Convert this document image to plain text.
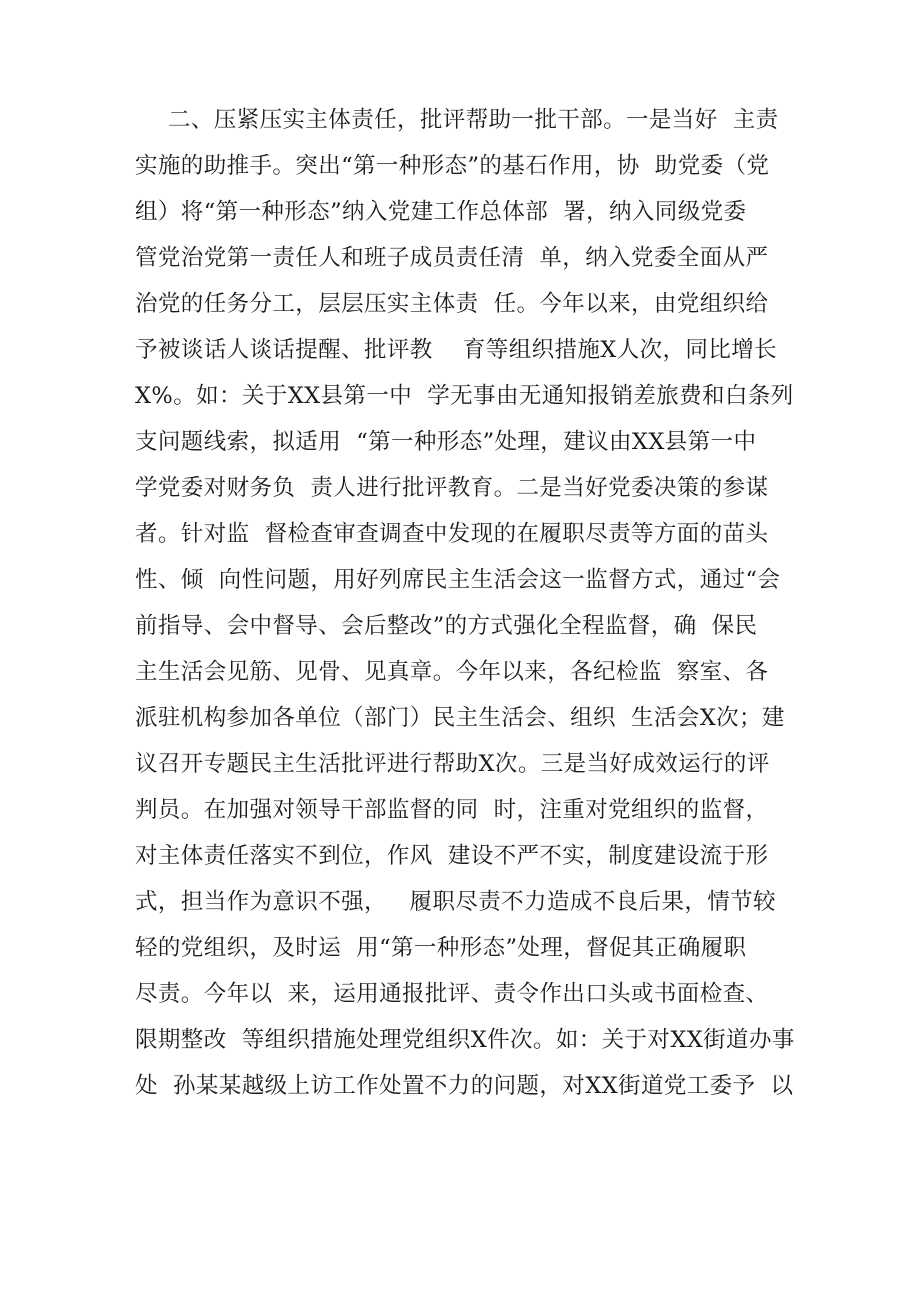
二、压紧压实主体责任，批评帮助一批干部。一是当好  主责
实施的助推手。突出“第一种形态”的基石作用，协  助党委（党
组）将“第一种形态”纳入党建工作总体部  署，纳入同级党委
管党治党第一责任人和班子成员责任清  单，纳入党委全面从严
治党的任务分工，层层压实主体责  任。今年以来，由党组织给
予被谈话人谈话提醒、批评教    育等组织措施X人次，同比增长
X%。如：关于XX县第一中  学无事由无通知报销差旅费和白条列
支问题线索，拟适用  “第一种形态”处理，建议由XX县第一中
学党委对财务负  责人进行批评教育。二是当好党委决策的参谋
者。针对监  督检查审查调查中发现的在履职尽责等方面的苗头
性、倾  向性问题，用好列席民主生活会这一监督方式，通过“会
前指导、会中督导、会后整改”的方式强化全程监督，确  保民
主生活会见筋、见骨、见真章。今年以来，各纪检监  察室、各
派驻机构参加各单位（部门）民主生活会、组织  生活会X次；建
议召开专题民主生活批评进行帮助X次。三是当好成效运行的评
判员。在加强对领导干部监督的同  时，注重对党组织的监督，
对主体责任落实不到位，作风  建设不严不实，制度建设流于形
式，担当作为意识不强，   履职尽责不力造成不良后果，情节较
轻的党组织，及时运  用“第一种形态”处理，督促其正确履职
尽责。今年以  来，运用通报批评、责令作出口头或书面检查、
限期整改  等组织措施处理党组织X件次。如：关于对XX街道办事
处  孙某某越级上访工作处置不力的问题，对XX街道党工委予  以
